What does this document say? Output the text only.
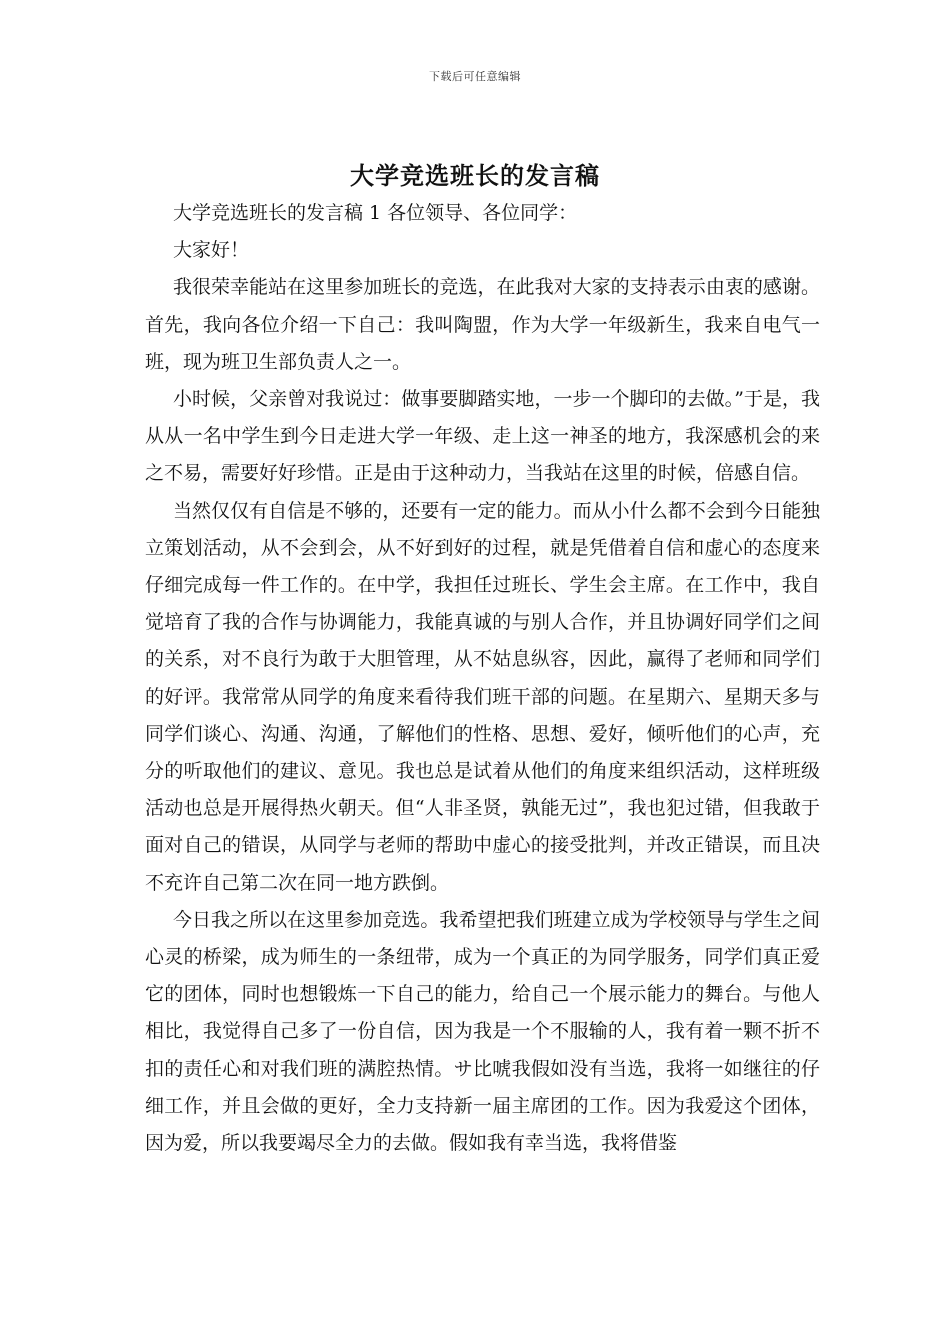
下载后可任意编辑
大学竞选班长的发言稿

大学竞选班长的发言稿 1 各位领导、各位同学：

大家好！

我很荣幸能站在这里参加班长的竞选，在此我对大家的支持表示由衷的感谢。首先，我向各位介绍一下自己：我叫陶盟，作为大学一年级新生，我来自电气一班，现为班卫生部负责人之一。

小时候，父亲曾对我说过：做事要脚踏实地，一步一个脚印的去做。”于是，我从从一名中学生到今日走进大学一年级、走上这一神圣的地方，我深感机会的来之不易，需要好好珍惜。正是由于这种动力，当我站在这里的时候，倍感自信。

当然仅仅有自信是不够的，还要有一定的能力。而从小什么都不会到今日能独立策划活动，从不会到会，从不好到好的过程，就是凭借着自信和虚心的态度来仔细完成每一件工作的。在中学，我担任过班长、学生会主席。在工作中，我自觉培育了我的合作与协调能力，我能真诚的与别人合作，并且协调好同学们之间的关系，对不良行为敢于大胆管理，从不姑息纵容，因此，赢得了老师和同学们的好评。我常常从同学的角度来看待我们班干部的问题。在星期六、星期天多与同学们谈心、沟通、沟通，了解他们的性格、思想、爱好，倾听他们的心声，充分的听取他们的建议、意见。我也总是试着从他们的角度来组织活动，这样班级活动也总是开展得热火朝天。但“人非圣贤，孰能无过”，我也犯过错，但我敢于面对自己的错误，从同学与老师的帮助中虚心的接受批判，并改正错误，而且决不充许自己第二次在同一地方跌倒。

今日我之所以在这里参加竞选。我希望把我们班建立成为学校领导与学生之间心灵的桥梁，成为师生的一条纽带，成为一个真正的为同学服务，同学们真正爱它的团体，同时也想锻炼一下自己的能力，给自己一个展示能力的舞台。与他人相比，我觉得自己多了一份自信，因为我是一个不服输的人，我有着一颗不折不扣的责任心和对我们班的满腔热情。サ比唬我假如没有当选，我将一如继往的仔细工作，并且会做的更好，全力支持新一届主席团的工作。因为我爱这个团体，因为爱，所以我要竭尽全力的去做。假如我有幸当选，我将借鉴
